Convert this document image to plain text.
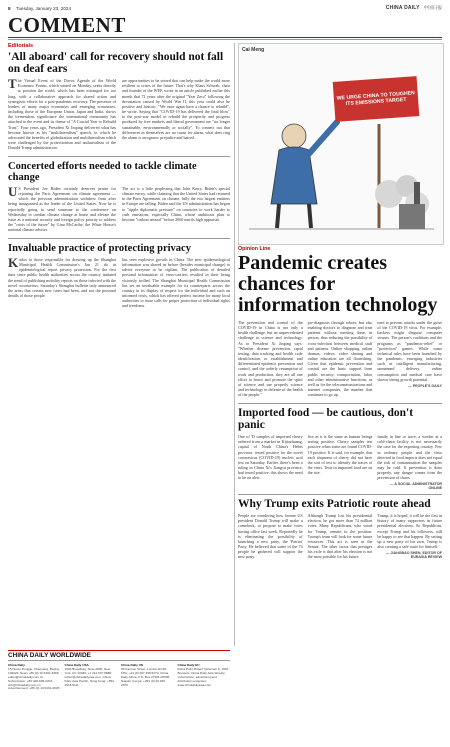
8 Tuesday, January 23, 2024	CHINA DAILY 中国日报
COMMENT
Editorials
'All aboard' call for recovery should not fall on deaf ears

The Virtual Event of the Davos Agenda of the World Economic Forum, which started on Monday, seeks directly to position the world, which has been estranged for too long, with a collaborative approach for shared action and synergistic efforts for a post-pandemic recovery. The presence of leaders of many major economies and emerging economies, including those of the European Union, Japan and India, shows the tremendous significance the international community has attached to the event and its theme of "A Crucial Year to Rebuild Trust". Four years ago, President Xi Jinping delivered what has become known as his "multilateralism" speech, in which he advocated the benefits of globalization and multilateralism which were challenged by the protectionism and unilateralism of the Donald Trump administration.

are opportunities to be seized that can help make the world more resilient to crises of the future. That's why Klaus Schwab, chair and founder of the WEF, wrote in an article published earlier this month that 72 years after the original "Year Zero" following the devastation caused by World War II, this year could also be positive and historic. "We once again have a chance to rebuild", he wrote. Saying that "COVID-19 has delivered the final blow" to the post-war model to rebuild the prosperity and progress produced by free markets and liberal government are "no longer sustainable, environmentally or socially". To connect out that differences in themselves are no cause for alarm, what does ring the alarm is arrogance, prejudice and hatred.

Concerted efforts needed to tackle climate change

US President Joe Biden certainly deserves praise for rejoining the Paris Agreement on climate agreement — which the previous administration withdrew from after being inaugurated as the leader of the United States. Now he is reportedly going to send someone to the conference on Wednesday to combat climate change at home and elevate the issue as a national security and foreign policy priority to address the "crisis of the future" by Gina McCarthy, the White House's national climate adviser.

The act is a little perplexing that John Kerry, Biden's special climate envoy, while claiming that the United States had returned to the Paris Agreement on climate, fully the two largest emitters in Europe are falling. Biden said the US administration has begun to "ripple diplomatic pressure" on countries to work harder to curb emissions, especially China, whose ambitious plan to become "carbon neutral" before 2060 merits high appraisal.

Invaluable practice of protecting privacy

Kudos to those responsible for drawing up the Shanghai Municipal Health Commission's Jan 21 do in epidemiological report privacy protection. For the first time since public health authorities across the country initiated the trend of publishing mobility reports on those infected with the novel coronavirus, Saturday's Shanghai bulletin only announced the areas that certain new cases had been, and not the personal details of those people.

has seen explosive growth in China. The new epidemiological information was shared as before (besides municipal change) to advise everyone to be vigilant. The publication of detailed personal information of virus-carriers resulted in their being viciously trolled. The Shanghai Municipal Health Commission has set an invaluable example for its counterparts across the country in its display of respect for the individual and such an informed crisis, which has offered perfect income for many local authorities to issue calls for proper protection of individual rights and freedoms.

CHINA DAILY WORLDWIDE
China Daily
15 Huixin Dongjie, Chaoyang, Beijing 100029. News +86 (0) 10 6491-8366; editor@chinadaily.com.cn. Subscription: +86 400-699-0203; sub@chinadaily.com.cn. Advertisement: +86 (0) 10 6491-0625.
China Daily USA
1500 Broadway, Suite 2800, New York, NY 10036; +1 212 537 8888; editor@chinadailyusa.com. China Daily Asia Pacific, Hong Kong: +852 2518 5111.
China Daily UK
90 Cannon Street, London EC4N 6HA; +44 (0) 207 398 8270. China Daily Africa, P.O. Box 27281-00506, Nairobi, Kenya; +254 (0) 20 269 2870.
China Daily EU
Rond-Point Robert Schuman 6, 1040 Brussels. China Daily Asia Weekly; subscription, advertising and distribution enquiries: www.chinadailyasia.com.
Cai Meng
WE URGE CHINA TO TOUGHEN ITS EMISSIONS TARGET
Opinion Line
Pandemic creates chances for information technology

The prevention and control of the COVID-19 in China is not only a health challenge, but an unprecedented challenge to science and technology. As to President Xi Jinping says: "Whether disease prevention, rapid testing, data tracking and health code identification, or establishment and differentiated epidemic prevention and control, and the orderly resumption of work and production, they are all one effort to bravo and promote the spirit of science and use properly science and technology in defense of the health of the people."

pre-diagnosis through robots, but also enabling doctors to diagnose and treat patients without meeting them in person, thus reducing the possibility of cross-infection between medical staff and patients. Online shopping, online dramas, videos, video sharing and online education are all flourishing. Given that epidemic prevention and control are the basic support from public security, transportation, labor and other administrative functions, as well as for the telecommunications and internet companies, the number that continues to go up.

tend to prevent attacks under the guise of the COVID-19 virus. For example, hackers might disguise computer viruses. The person's coalitions and the programs as "pandemic-relief" or "protection" games. While some technical rules have been launched by the pandemic, emerging industries such as intelligent manufacturing, unmanned delivery, online consumption and medical care have shown strong growth potential.

— PEOPLE'S DAILY
Imported food — be cautious, don't panic

One of 'D samples of imported cherry ordered from a market in Kijiazhuang, capital of North China's Hebei province, tested positive for the novel coronavirus (COVID-19) nucleic acid test on Saturday. Earlier, there's been a ruling in China Xi's Jiangsu province, had tested positive, this shows the need to be on alert.

live as it is the same as human beings testing positive. Cherry samples test positive when some are found COVID-19 positive. It is said, for example, that each shipment of cherry did not have the sort of test to identify the traces of the virus. Tests in imported food are on the rise.

family in line or trace, a worker at a cold-chain facility is not necessarily the case for the exporting country. Few in ordinary people and the virus detected in food imports does not equal the risk of contamination the samples may be cold. If prevention is done properly, any danger comes from the prevention of chaos.

— A SOCIAL ADMINISTRATOR ONLINE
Why Trump exits Patriotic route ahead

People are wondering how former US president Donald Trump will make a comeback, or propose to make votes having office last week. Reportedly he is eliminating the possibility of launching a new party, the 'Patriot' Party. He believed that some of the 74 people he gathered will support the new party.

Although Trump lost his presidential election, he got more than 74 million votes. Many Republicans, who voted for Trump, remain in the position. Trump's team will look for some future resources. This act is seen in the Senate. The other factor that presages his exile is that after his election is not the most possible for his future.

Trump, it is hoped, it will be the first in history of many supporters in future presidential elections. So Republican, except Trump and his followers, still be happy to see that happen. By setting up a new party of his own, Trump is also creating a safe route for himself.

— JIANGBAO SHEN, EDITOR OF EURASIA REVIEW
